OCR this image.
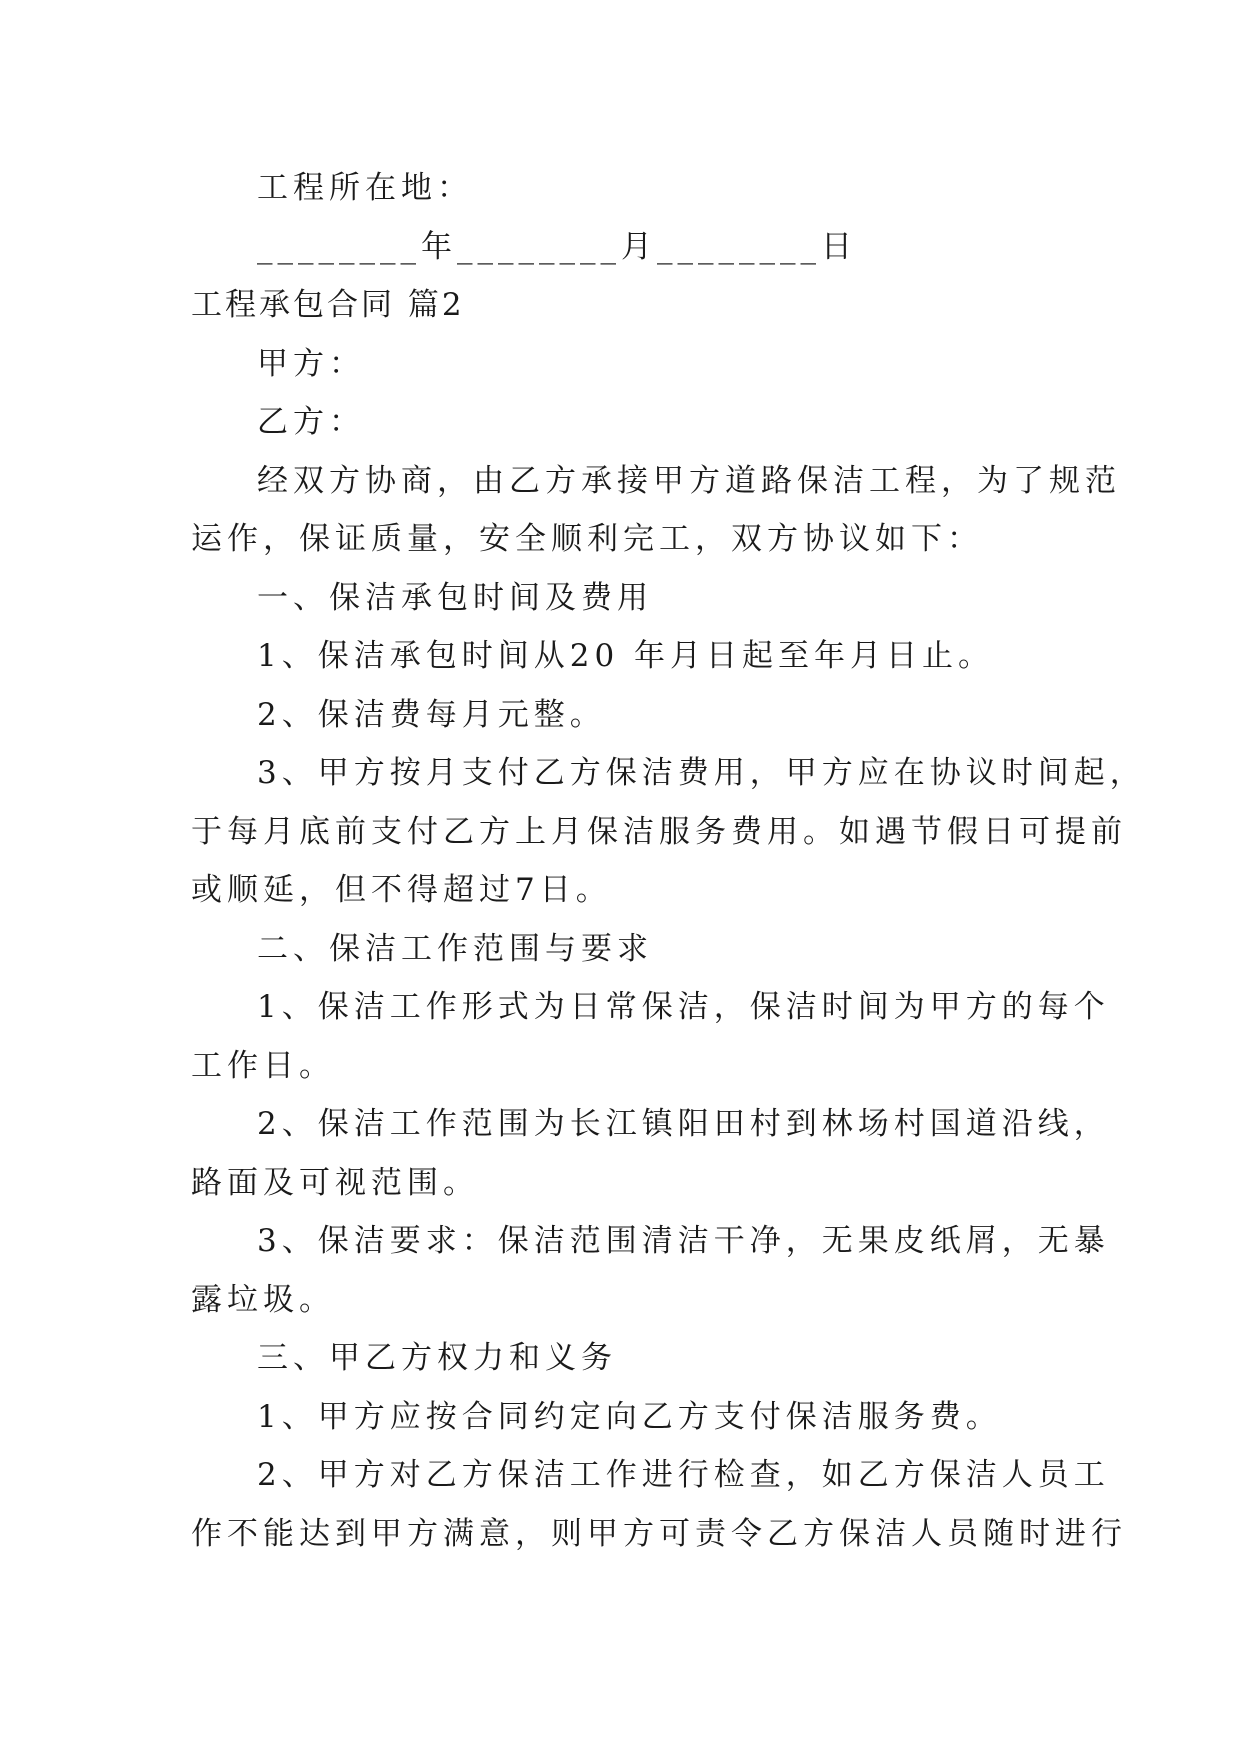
工程所在地：
________年________月________日
工程承包合同 篇2
甲方：
乙方：
经双方协商，由乙方承接甲方道路保洁工程，为了规范
运作，保证质量，安全顺利完工，双方协议如下：
一、保洁承包时间及费用
1、保洁承包时间从20 年月日起至年月日止。
2、保洁费每月元整。
3、甲方按月支付乙方保洁费用，甲方应在协议时间起，
于每月底前支付乙方上月保洁服务费用。如遇节假日可提前
或顺延，但不得超过7日。
二、保洁工作范围与要求
1、保洁工作形式为日常保洁，保洁时间为甲方的每个
工作日。
2、保洁工作范围为长江镇阳田村到林场村国道沿线，
路面及可视范围。
3、保洁要求：保洁范围清洁干净，无果皮纸屑，无暴
露垃圾。
三、甲乙方权力和义务
1、甲方应按合同约定向乙方支付保洁服务费。
2、甲方对乙方保洁工作进行检查，如乙方保洁人员工
作不能达到甲方满意，则甲方可责令乙方保洁人员随时进行
